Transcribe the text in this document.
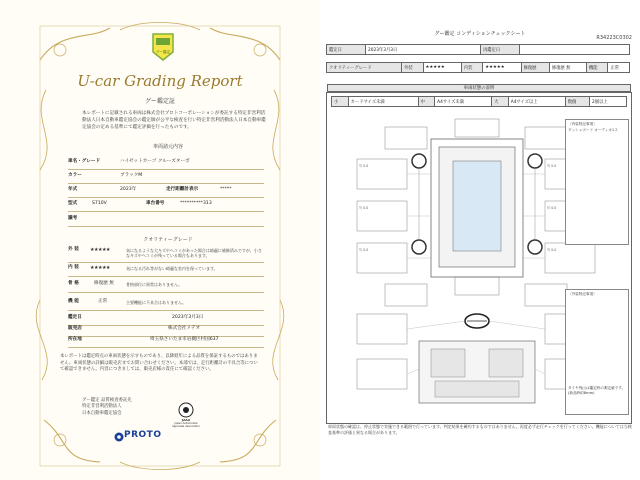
グー鑑定
U-car Grading Report
グー鑑定証
本レポートに記載される車両は株式会社プロトコーポレーションが委託する特定非営利活動法人日本自動車鑑定協会の鑑定師が公平な検査を行い特定非営利活動法人日本自動車鑑定協会の定める基準にて鑑定評価を行ったものです。
車両諸元内容
車名・グレード	ハイゼットカーゴ クルーズターボ
カラー	ブラックM
年式	2023年	走行距離計表示	*****
型式	S710V	車台番号	**********313
譲考
クオリティーグレード
外 装 ★★★★★	気になるような大キズやヘコミがあった場合は綺麗に補修済みですが、小さなキズやヘコミが残っている場合もあります。
内 装 ★★★★★	気になる汚れ等がない綺麗な室内を保っています。
骨 格	修復歴 無	骨格部位に異常はありません。
機 能	正常	主要機能に不具合はありません。
鑑定日	2023年3月3日
販売店	株式会社メテオ
所在地	埼玉県さいたま市岩槻区村国637
本レポートは鑑定時点の車両状態を示すものであり、以降経年による品質を保証するものではありません。車両状態の詳細は販売店までお問い合わせください。本部では、走行距離計の不具合等について確認できません。内容につきましては、販売店様の責任にて確認ください。
グー鑑定 品質検査委託先
特定非営利活動法人
日本自動車鑑定協会
JAAA
Japan Automobile Appraisal Association
PROTO
グー鑑定 コンディションチェックシート
R34223C0302
鑑定日	2023年3月3日	再鑑定日	
クオリティーグレード	外装	★★★★★	内装	★★★★★	修復歴	修復歴 無	機能	正常
車両状態の説明
小	カードサイズ未満	中	A4サイズ未満	大	A4サイズ以上	数個	2個以上
写 0.0
写 0.0
写 0.0
写 0.0
写 0.0
写 0.0
〈内装特記事項〉
ダッシュボード オーディオ1ス
〈外装特記事項〉
タイヤ残山は鑑定時の測定値です。(新品時約8mm)
車両状態の確認は、停止状態で実施できる範囲で行っています。判定結果を確約するものではありません。再度必ず走行チェックを行ってください。機能については当検査基準の評価と異なる場合があります。
